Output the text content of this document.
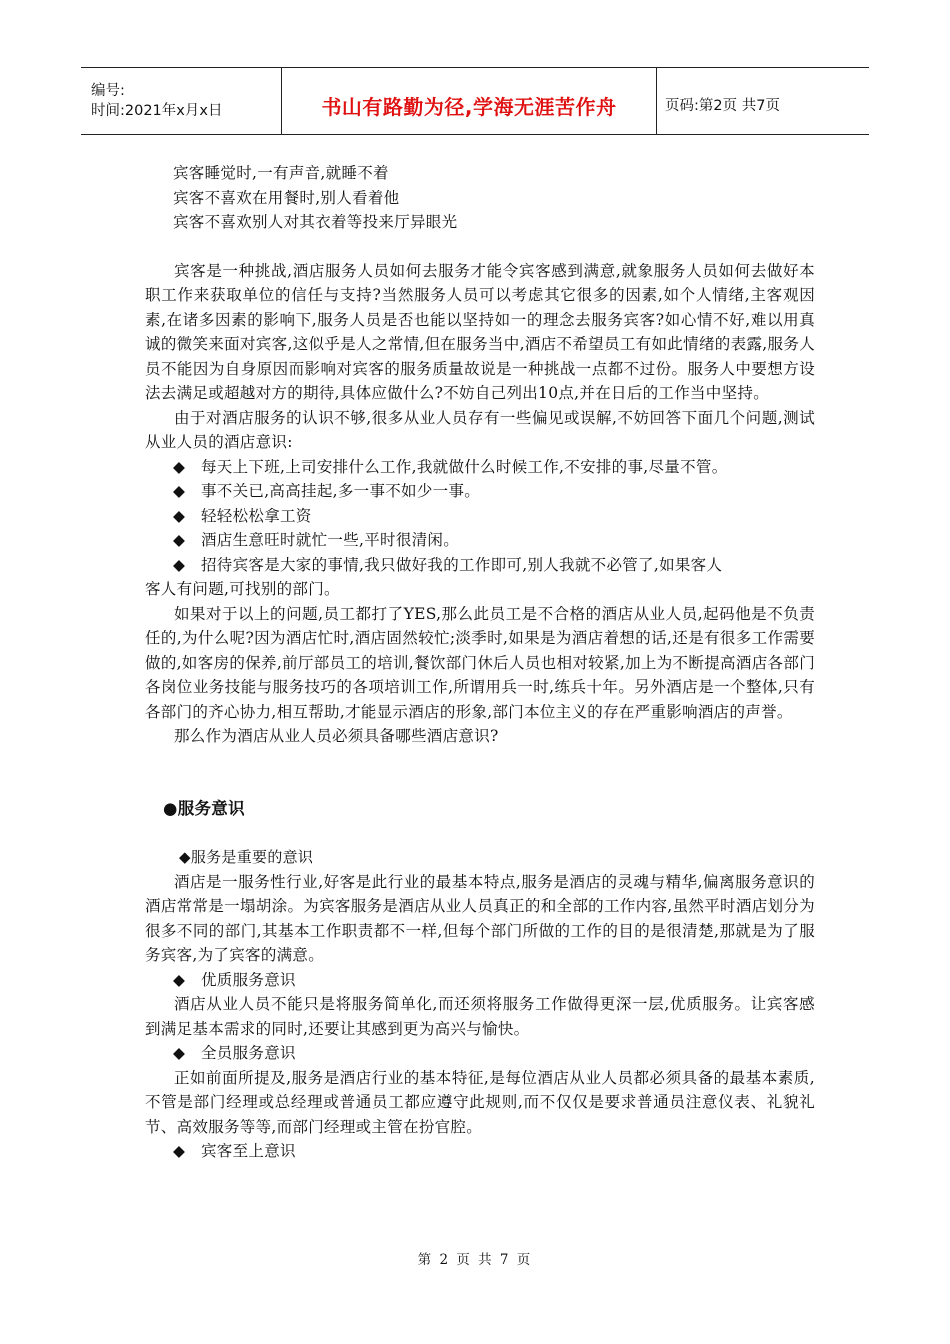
编号:
时间:2021年x月x日	书山有路勤为径,学海无涯苦作舟	页码:第2页 共7页

宾客睡觉时,一有声音,就睡不着

宾客不喜欢在用餐时,别人看着他

宾客不喜欢别人对其衣着等投来厅异眼光

宾客是一种挑战,酒店服务人员如何去服务才能令宾客感到满意,就象服务人员如何去做好本职工作来获取单位的信任与支持?当然服务人员可以考虑其它很多的因素,如个人情绪,主客观因素,在诸多因素的影响下,服务人员是否也能以坚持如一的理念去服务宾客?如心情不好,难以用真诚的微笑来面对宾客,这似乎是人之常情,但在服务当中,酒店不希望员工有如此情绪的表露,服务人员不能因为自身原因而影响对宾客的服务质量故说是一种挑战一点都不过份。服务人中要想方设法去满足或超越对方的期待,具体应做什么?不妨自己列出10点,并在日后的工作当中坚持。

由于对酒店服务的认识不够,很多从业人员存有一些偏见或误解,不妨回答下面几个问题,测试从业人员的酒店意识:

◆ 每天上下班,上司安排什么工作,我就做什么时候工作,不安排的事,尽量不管。

◆ 事不关已,高高挂起,多一事不如少一事。

◆ 轻轻松松拿工资

◆ 酒店生意旺时就忙一些,平时很清闲。

◆ 招待宾客是大家的事情,我只做好我的工作即可,别人我就不必管了,如果客人

客人有问题,可找别的部门。

如果对于以上的问题,员工都打了YES,那么此员工是不合格的酒店从业人员,起码他是不负责任的,为什么呢?因为酒店忙时,酒店固然较忙;淡季时,如果是为酒店着想的话,还是有很多工作需要做的,如客房的保养,前厅部员工的培训,餐饮部门休后人员也相对较紧,加上为不断提高酒店各部门各岗位业务技能与服务技巧的各项培训工作,所谓用兵一时,练兵十年。另外酒店是一个整体,只有各部门的齐心协力,相互帮助,才能显示酒店的形象,部门本位主义的存在严重影响酒店的声誉。

那么作为酒店从业人员必须具备哪些酒店意识?

●服务意识

◆服务是重要的意识

酒店是一服务性行业,好客是此行业的最基本特点,服务是酒店的灵魂与精华,偏离服务意识的酒店常常是一塌胡涂。为宾客服务是酒店从业人员真正的和全部的工作内容,虽然平时酒店划分为很多不同的部门,其基本工作职责都不一样,但每个部门所做的工作的目的是很清楚,那就是为了服务宾客,为了宾客的满意。

◆ 优质服务意识

酒店从业人员不能只是将服务简单化,而还须将服务工作做得更深一层,优质服务。让宾客感到满足基本需求的同时,还要让其感到更为高兴与愉快。

◆ 全员服务意识

正如前面所提及,服务是酒店行业的基本特征,是每位酒店从业人员都必须具备的最基本素质,不管是部门经理或总经理或普通员工都应遵守此规则,而不仅仅是要求普通员注意仪表、礼貌礼节、高效服务等等,而部门经理或主管在扮官腔。

◆ 宾客至上意识

第 2 页 共 7 页
